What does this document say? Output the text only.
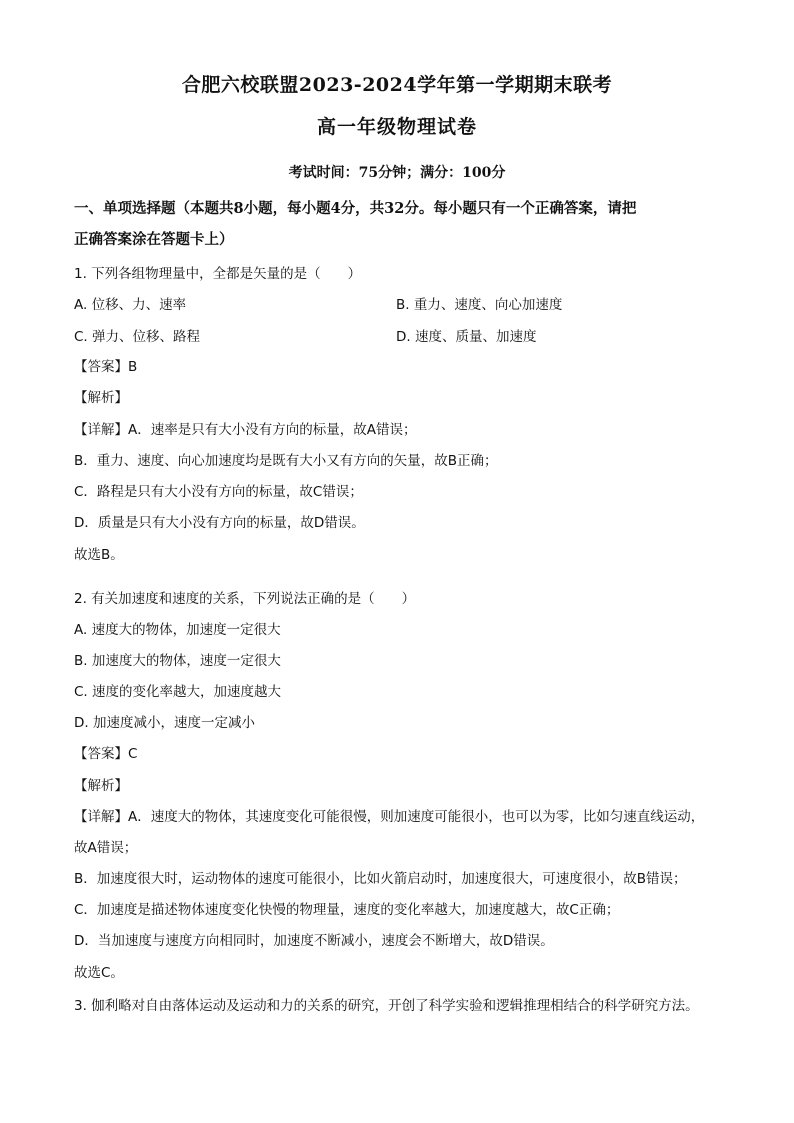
合肥六校联盟2023-2024学年第一学期期末联考
高一年级物理试卷
考试时间：75分钟；满分：100分
一、单项选择题（本题共8小题，每小题4分，共32分。每小题只有一个正确答案，请把
正确答案涂在答题卡上）
1. 下列各组物理量中，全都是矢量的是（　　）
A. 位移、力、速率	B. 重力、速度、向心加速度
C. 弹力、位移、路程	D. 速度、质量、加速度
【答案】B
【解析】
【详解】A．速率是只有大小没有方向的标量，故A错误；
B．重力、速度、向心加速度均是既有大小又有方向的矢量，故B正确；
C．路程是只有大小没有方向的标量，故C错误；
D．质量是只有大小没有方向的标量，故D错误。
故选B。
2. 有关加速度和速度的关系，下列说法正确的是（　　）
A. 速度大的物体，加速度一定很大
B. 加速度大的物体，速度一定很大
C. 速度的变化率越大，加速度越大
D. 加速度减小，速度一定减小
【答案】C
【解析】
【详解】A．速度大的物体，其速度变化可能很慢，则加速度可能很小，也可以为零，比如匀速直线运动，
故A错误；
B．加速度很大时，运动物体的速度可能很小，比如火箭启动时，加速度很大，可速度很小，故B错误；
C．加速度是描述物体速度变化快慢的物理量，速度的变化率越大，加速度越大，故C正确；
D．当加速度与速度方向相同时，加速度不断减小，速度会不断增大，故D错误。
故选C。
3. 伽利略对自由落体运动及运动和力的关系的研究，开创了科学实验和逻辑推理相结合的科学研究方法。
